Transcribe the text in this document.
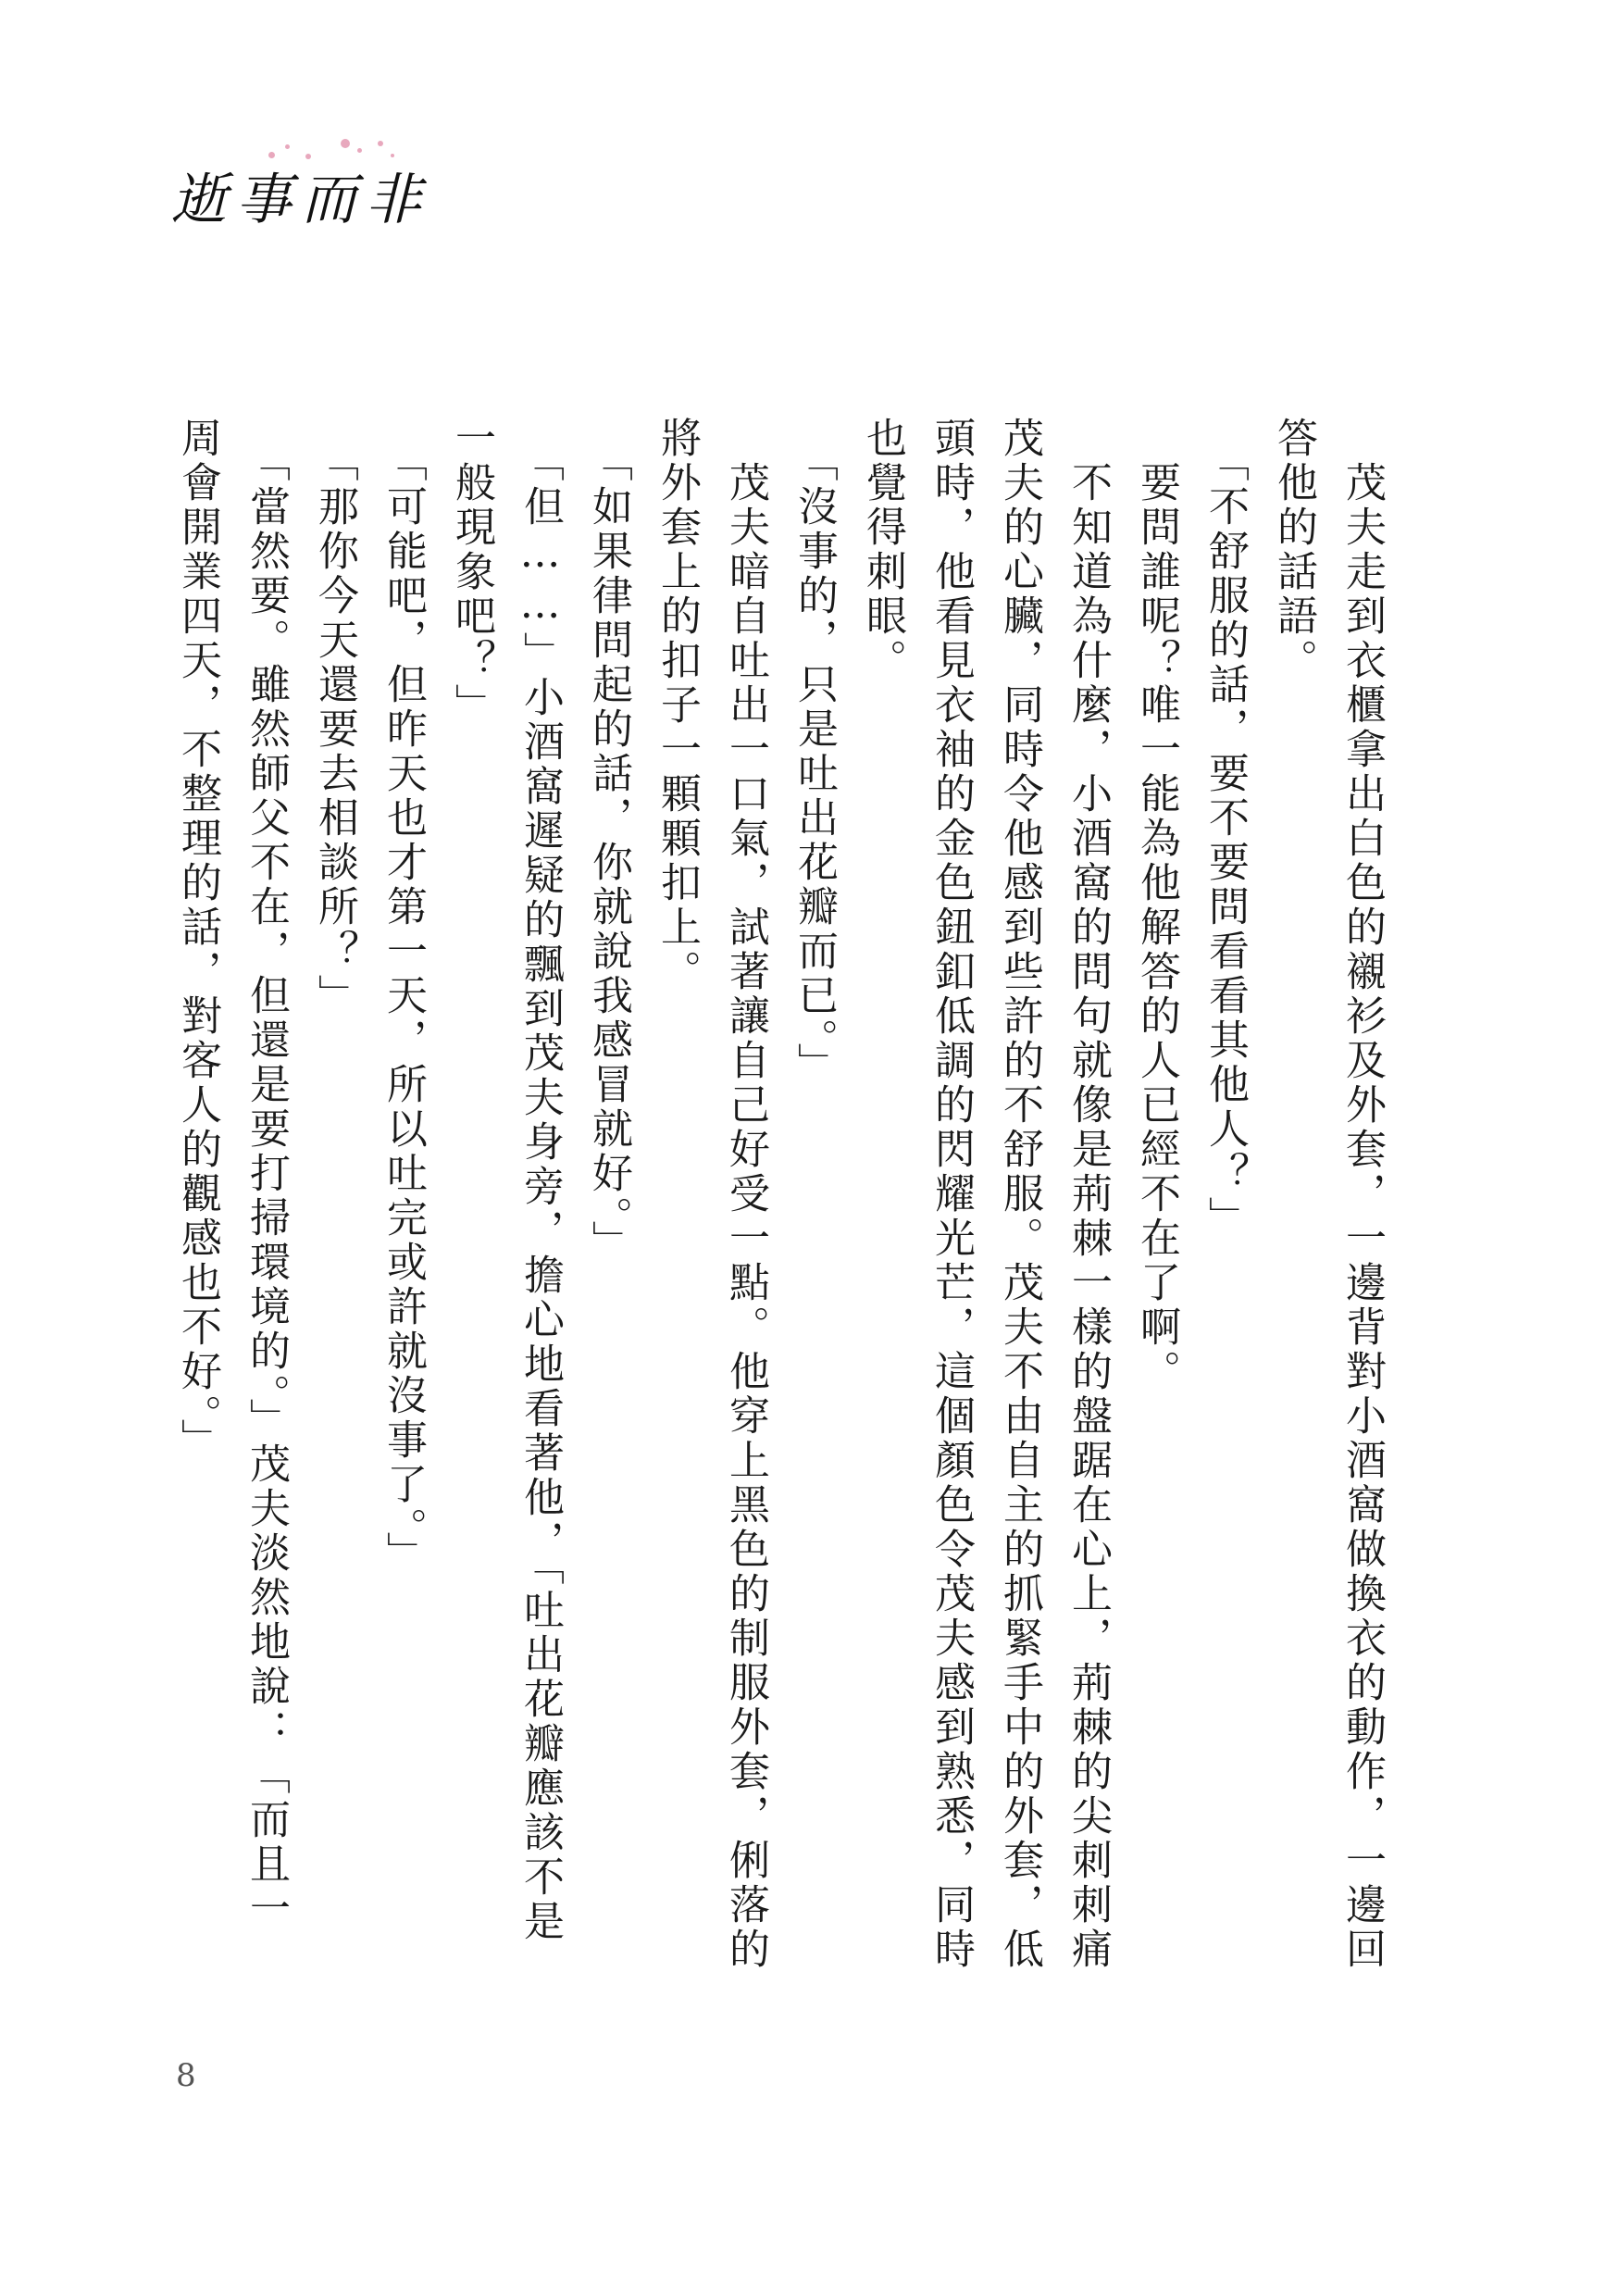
逝事而非

　茂夫走到衣櫃拿出白色的襯衫及外套，一邊背對小酒窩做換衣的動作，一邊回答他的話語。

　「不舒服的話，要不要問看看其他人？」

　要問誰呢？唯一能為他解答的人已經不在了啊。

　不知道為什麼，小酒窩的問句就像是荊棘一樣的盤踞在心上，荊棘的尖刺刺痛茂夫的心臟，同時令他感到些許的不舒服。茂夫不由自主的抓緊手中的外套，低頭時，他看見衣袖的金色鈕釦低調的閃耀光芒，這個顏色令茂夫感到熟悉，同時也覺得刺眼。

　「沒事的，只是吐出花瓣而已。」

　茂夫暗自吐出一口氣，試著讓自己好受一點。他穿上黑色的制服外套，俐落的將外套上的扣子一顆顆扣上。

　「如果律問起的話，你就說我感冒就好。」

　「但……」小酒窩遲疑的飄到茂夫身旁，擔心地看著他，「吐出花瓣應該不是一般現象吧？」

　「可能吧，但昨天也才第一天，所以吐完或許就沒事了。」

　「那你今天還要去相談所？」

　「當然要。雖然師父不在，但還是要打掃環境的。」茂夫淡然地說：「而且一周會開業四天，不整理的話，對客人的觀感也不好。」

8
